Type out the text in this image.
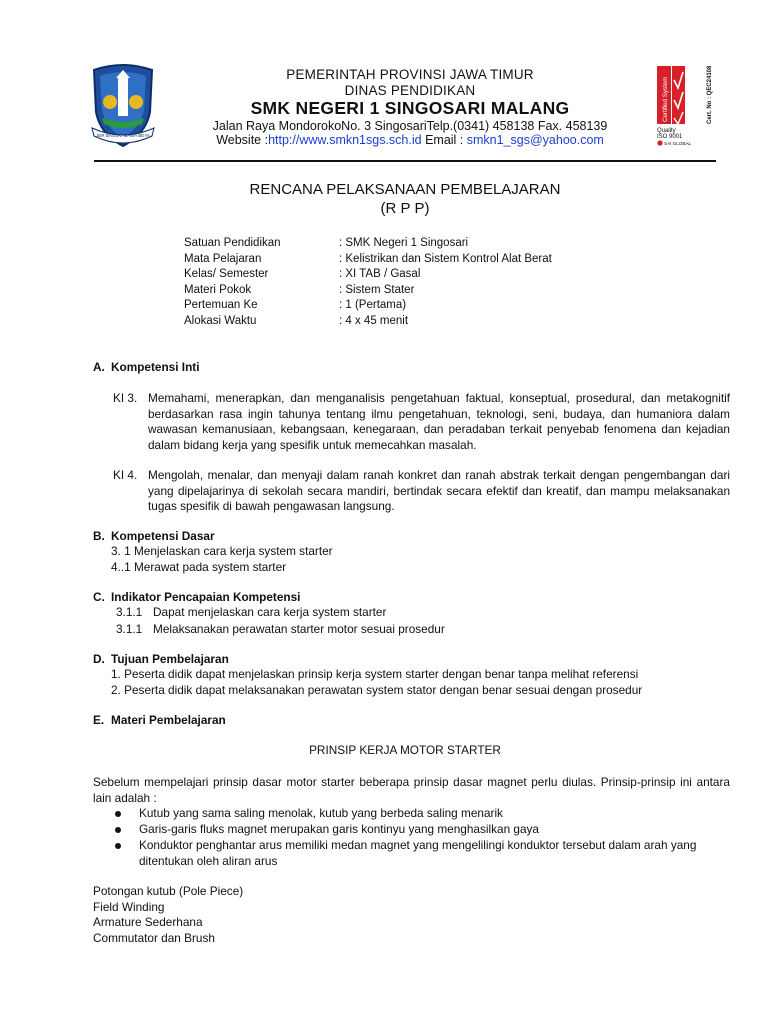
JER BASUKI MAWA BEYA
PEMERINTAH PROVINSI JAWA TIMUR
DINAS PENDIDIKAN
SMK NEGERI 1 SINGOSARI MALANG
Jalan Raya MondorokoNo. 3 SingosariTelp.(0341) 458138 Fax. 458139
Website :http://www.smkn1sgs.sch.id Email : smkn1_sgs@yahoo.com
Certified System	Cert. No : QEC24108
Quality
ISO 9001
SAI GLOBAL
RENCANA PELAKSANAAN PEMBELAJARAN
(R P P)
Satuan Pendidikan	: SMK Negeri 1 Singosari
Mata Pelajaran	: Kelistrikan dan Sistem Kontrol Alat Berat
Kelas/ Semester	: XI TAB / Gasal
Materi Pokok	: Sistem Stater
Pertemuan Ke	: 1 (Pertama)
Alokasi Waktu	: 4 x 45 menit
A. Kompetensi Inti
KI 3. Memahami, menerapkan, dan menganalisis pengetahuan faktual, konseptual, prosedural, dan metakognitif berdasarkan rasa ingin tahunya tentang ilmu pengetahuan, teknologi, seni, budaya, dan humaniora dalam wawasan kemanusiaan, kebangsaan, kenegaraan, dan peradaban terkait penyebab fenomena dan kejadian dalam bidang kerja yang spesifik untuk memecahkan masalah.
KI 4. Mengolah, menalar, dan menyaji dalam ranah konkret dan ranah abstrak terkait dengan pengembangan dari yang dipelajarinya di sekolah secara mandiri, bertindak secara efektif dan kreatif, dan mampu melaksanakan tugas spesifik di bawah pengawasan langsung.
B. Kompetensi Dasar
3. 1 Menjelaskan cara kerja system starter
4..1 Merawat pada system starter
C. Indikator Pencapaian Kompetensi
3.1.1 Dapat menjelaskan cara kerja system starter
3.1.1 Melaksanakan perawatan starter motor sesuai prosedur
D. Tujuan Pembelajaran
1. Peserta didik dapat menjelaskan prinsip kerja system starter dengan benar tanpa melihat referensi
2. Peserta didik dapat melaksanakan perawatan system stator dengan benar sesuai dengan prosedur
E. Materi Pembelajaran
PRINSIP KERJA MOTOR STARTER
Sebelum mempelajari prinsip dasar motor starter beberapa prinsip dasar magnet perlu diulas. Prinsip-prinsip ini antara lain adalah :
Kutub yang sama saling menolak, kutub yang berbeda saling menarik
Garis-garis fluks magnet merupakan garis kontinyu yang menghasilkan gaya
Konduktor penghantar arus memiliki medan magnet yang mengelilingi konduktor tersebut dalam arah yang ditentukan oleh aliran arus
Potongan kutub (Pole Piece)
Field Winding
Armature Sederhana
Commutator dan Brush
